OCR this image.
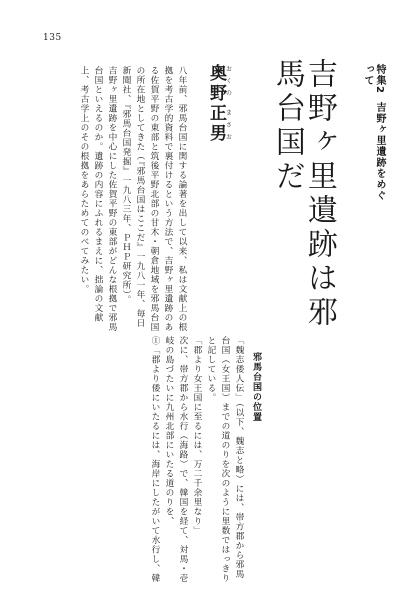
135
特集2吉野ヶ里遺跡をめぐって
吉野ヶ里遺跡は邪馬台国だ
奥野正男おくの まさお

八年前、邪馬台国に関する論著を出して以来、私は文献上の根拠を考古学的資料で裏付けるという方法で、吉野ヶ里遺跡のある佐賀平野の東部と筑後平野北部の甘木・朝倉地域を邪馬台国の所在地としてきた（『邪馬台国はここだ』一九八一年、毎日新聞社、『邪馬台国発掘』一九八三年、ＰＨＰ研究所）。

吉野ヶ里遺跡を中心にした佐賀平野の東部がどんな根拠で邪馬台国といえるのか。遺跡の内容にふれるまえに、拙論の文献上、考古学上のその根拠をあらためてのべてみたい。

邪馬台国の位置

「魏志倭人伝」（以下、魏志と略）には、帯方郡から邪馬台国（女王国）までの道のりを次のように里数ではっきりと記している。

「郡より女王国に至るには、万二千余里なり」

次に、帯方郡から水行（海路）で、韓国を経て、対馬・壱岐の島づたいに九州北部にいたる道のりを、

①「郡より倭にいたるには、海岸にしたがいて水行し、韓
